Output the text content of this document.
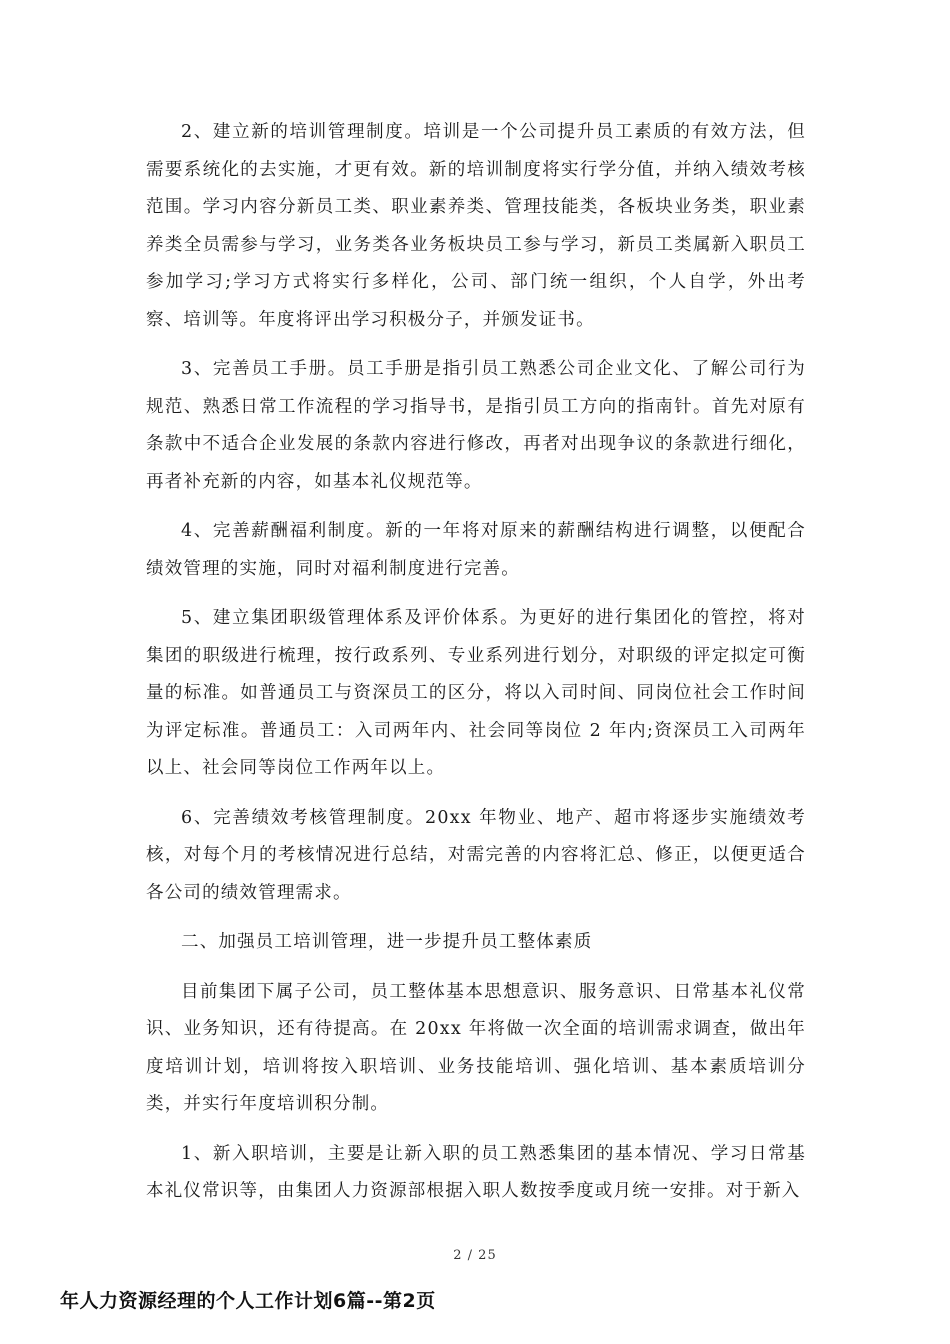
2、建立新的培训管理制度。培训是一个公司提升员工素质的有效方法，但需要系统化的去实施，才更有效。新的培训制度将实行学分值，并纳入绩效考核范围。学习内容分新员工类、职业素养类、管理技能类，各板块业务类，职业素养类全员需参与学习，业务类各业务板块员工参与学习，新员工类属新入职员工参加学习;学习方式将实行多样化，公司、部门统一组织，个人自学，外出考察、培训等。年度将评出学习积极分子，并颁发证书。

3、完善员工手册。员工手册是指引员工熟悉公司企业文化、了解公司行为规范、熟悉日常工作流程的学习指导书，是指引员工方向的指南针。首先对原有条款中不适合企业发展的条款内容进行修改，再者对出现争议的条款进行细化，再者补充新的内容，如基本礼仪规范等。

4、完善薪酬福利制度。新的一年将对原来的薪酬结构进行调整，以便配合绩效管理的实施，同时对福利制度进行完善。

5、建立集团职级管理体系及评价体系。为更好的进行集团化的管控，将对集团的职级进行梳理，按行政系列、专业系列进行划分，对职级的评定拟定可衡量的标准。如普通员工与资深员工的区分，将以入司时间、同岗位社会工作时间为评定标准。普通员工：入司两年内、社会同等岗位 2 年内;资深员工入司两年以上、社会同等岗位工作两年以上。

6、完善绩效考核管理制度。20xx 年物业、地产、超市将逐步实施绩效考核，对每个月的考核情况进行总结，对需完善的内容将汇总、修正，以便更适合各公司的绩效管理需求。

二、加强员工培训管理，进一步提升员工整体素质

目前集团下属子公司，员工整体基本思想意识、服务意识、日常基本礼仪常识、业务知识，还有待提高。在 20xx 年将做一次全面的培训需求调查，做出年度培训计划，培训将按入职培训、业务技能培训、强化培训、基本素质培训分类，并实行年度培训积分制。

1、新入职培训，主要是让新入职的员工熟悉集团的基本情况、学习日常基本礼仪常识等，由集团人力资源部根据入职人数按季度或月统一安排。对于新入

2 / 25
年人力资源经理的个人工作计划6篇--第2页
